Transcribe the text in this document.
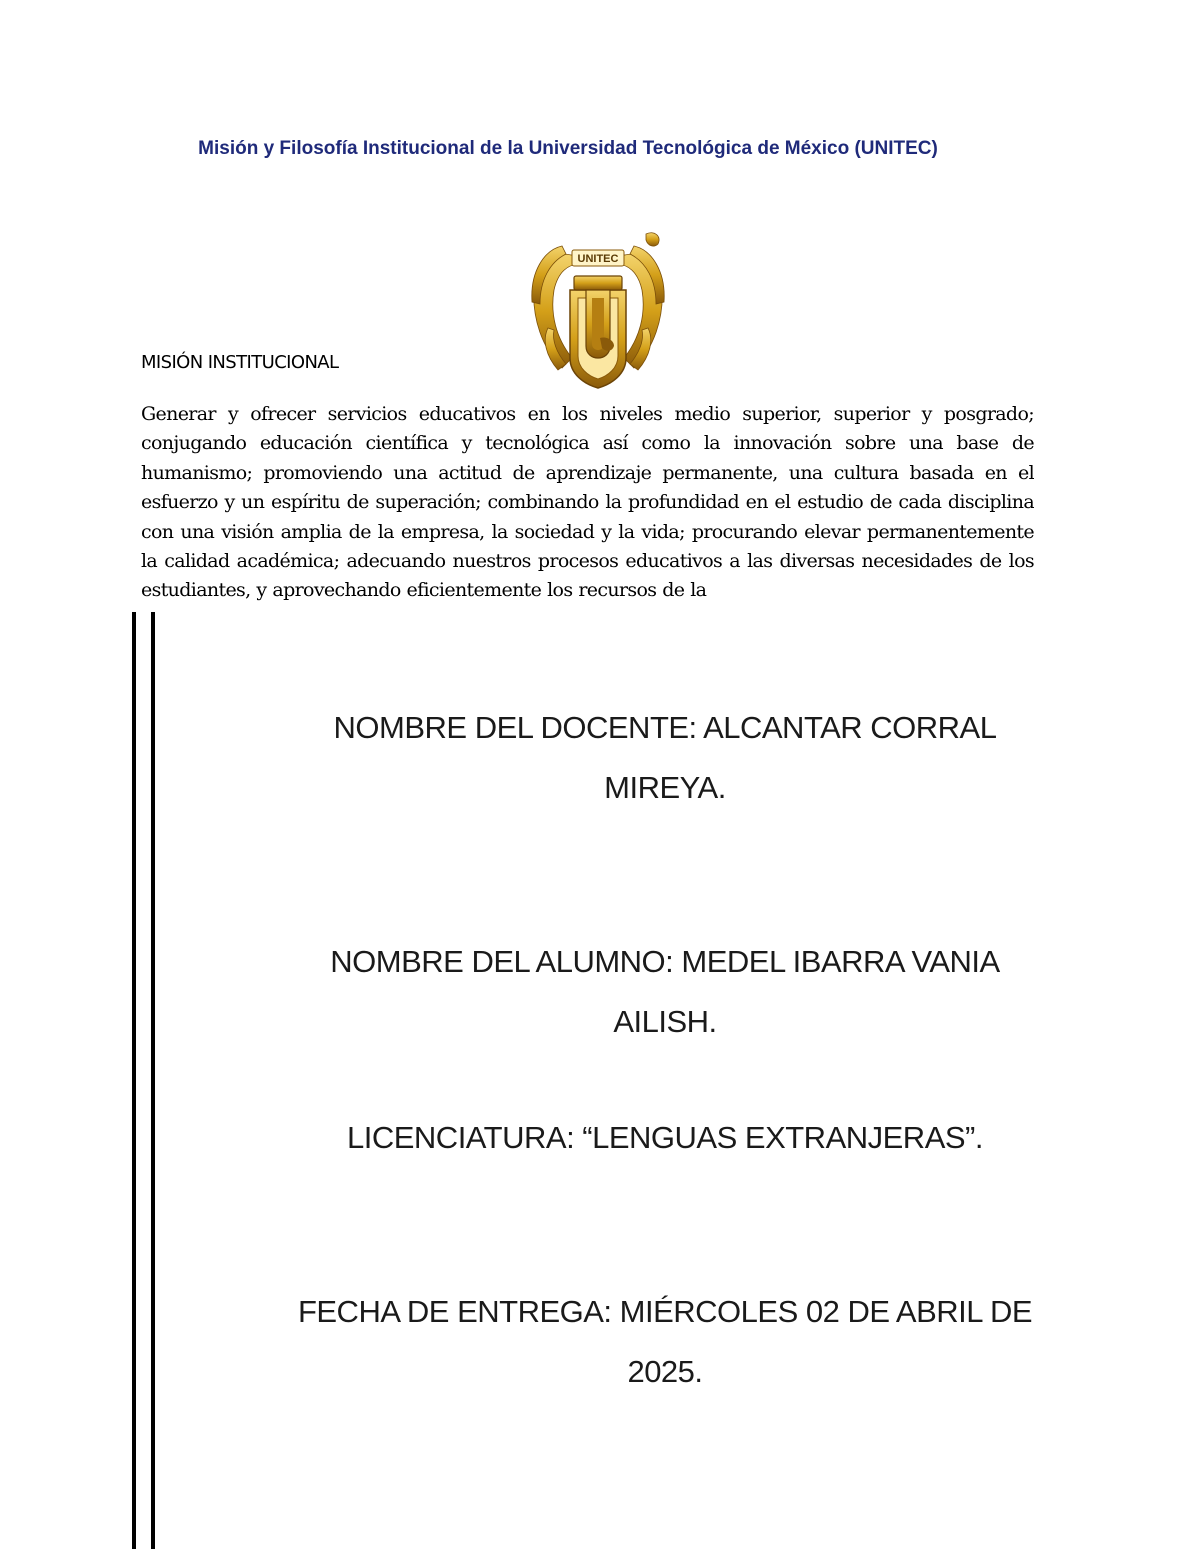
Misión y Filosofía Institucional de la Universidad Tecnológica de México (UNITEC)
UNITEC
MISIÓN INSTITUCIONAL
Generar y ofrecer servicios educativos en los niveles medio superior, superior y posgrado; conjugando educación científica y tecnológica así como la innovación sobre una base de humanismo; promoviendo una actitud de aprendizaje permanente, una cultura basada en el esfuerzo y un espíritu de superación; combinando la profundidad en el estudio de cada disciplina con una visión amplia de la empresa, la sociedad y la vida; procurando elevar permanentemente la calidad académica; adecuando nuestros procesos educativos a las diversas necesidades de los estudiantes, y aprovechando eficientemente los recursos de la
NOMBRE DEL DOCENTE: ALCANTAR CORRAL
MIREYA.
NOMBRE DEL ALUMNO: MEDEL IBARRA VANIA
AILISH.
LICENCIATURA: “LENGUAS EXTRANJERAS”.
FECHA DE ENTREGA: MIÉRCOLES 02 DE ABRIL DE
2025.
